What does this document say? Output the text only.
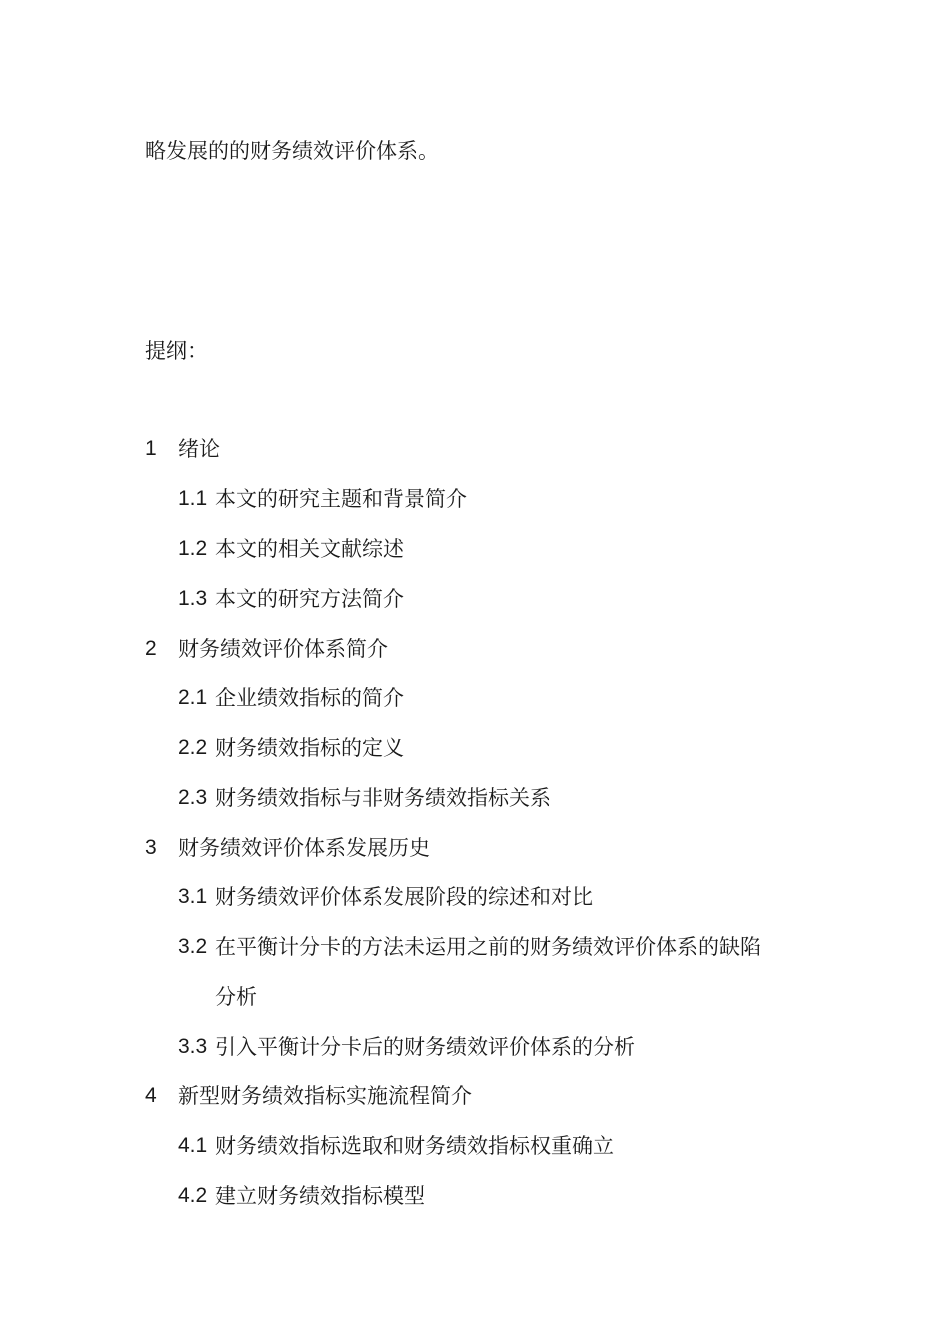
略发展的的财务绩效评价体系。
提纲：
1	绪论
1.1 本文的研究主题和背景简介
1.2 本文的相关文献综述
1.3 本文的研究方法简介
2	财务绩效评价体系简介
2.1 企业绩效指标的简介
2.2 财务绩效指标的定义
2.3 财务绩效指标与非财务绩效指标关系
3	财务绩效评价体系发展历史
3.1 财务绩效评价体系发展阶段的综述和对比
3.2 在平衡计分卡的方法未运用之前的财务绩效评价体系的缺陷
分析
3.3 引入平衡计分卡后的财务绩效评价体系的分析
4	新型财务绩效指标实施流程简介
4.1 财务绩效指标选取和财务绩效指标权重确立
4.2 建立财务绩效指标模型
